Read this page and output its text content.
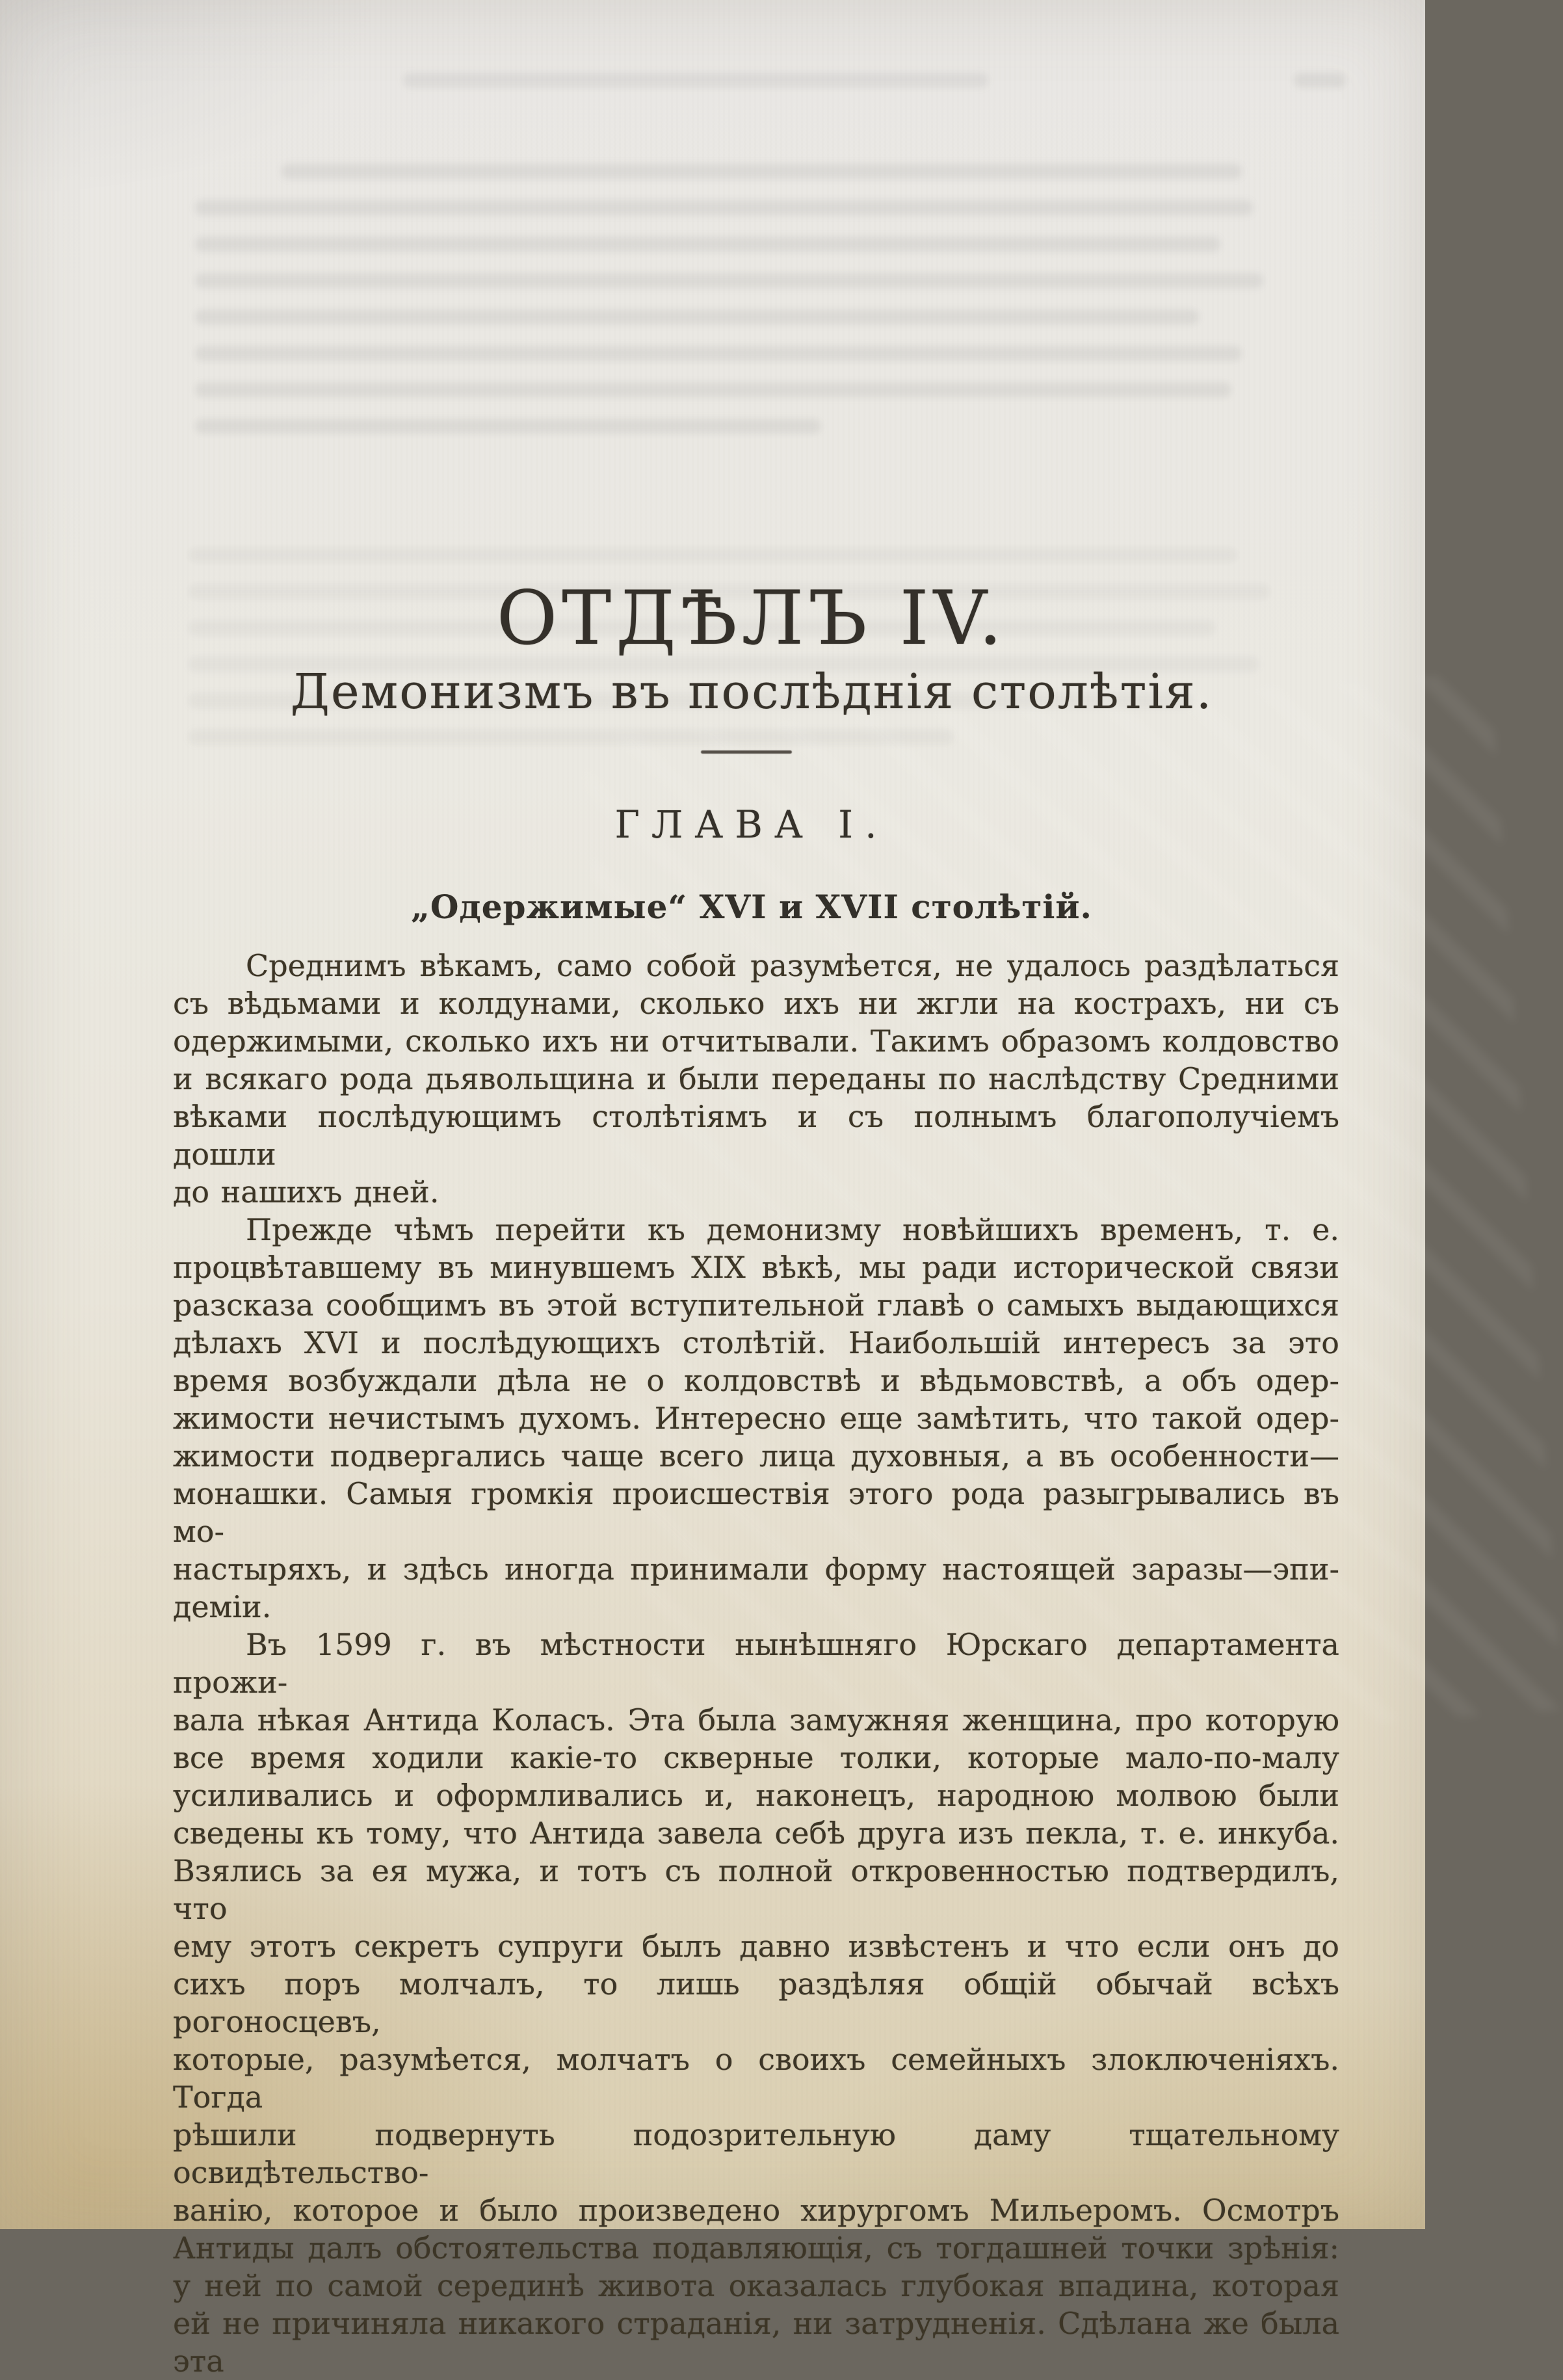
ОТДѢЛЪ IV.
Демонизмъ въ послѣднія столѣтія.
ГЛАВА I.
„Одержимые“ XVI и XVII столѣтій.
Среднимъ вѣкамъ, само собой разумѣется, не удалось раздѣлаться
съ вѣдьмами и колдунами, сколько ихъ ни жгли на кострахъ, ни съ
одержимыми, сколько ихъ ни отчитывали. Такимъ образомъ колдовство
и всякаго рода дьявольщина и были переданы по наслѣдству Средними
вѣками послѣдующимъ столѣтіямъ и съ полнымъ благополучіемъ дошли
до нашихъ дней.
Прежде чѣмъ перейти къ демонизму новѣйшихъ временъ, т. е.
процвѣтавшему въ минувшемъ XIX вѣкѣ, мы ради исторической связи
разсказа сообщимъ въ этой вступительной главѣ о самыхъ выдающихся
дѣлахъ XVI и послѣдующихъ столѣтій. Наибольшій интересъ за это
время возбуждали дѣла не о колдовствѣ и вѣдьмовствѣ, а объ одер-
жимости нечистымъ духомъ. Интересно еще замѣтить, что такой одер-
жимости подвергались чаще всего лица духовныя, а въ особенности—
монашки. Самыя громкія происшествія этого рода разыгрывались въ мо-
настыряхъ, и здѣсь иногда принимали форму настоящей заразы—эпи-
деміи.
Въ 1599 г. въ мѣстности нынѣшняго Юрскаго департамента прожи-
вала нѣкая Антида Коласъ. Эта была замужняя женщина, про которую
все время ходили какіе-то скверные толки, которые мало-по-малу
усиливались и оформливались и, наконецъ, народною молвою были
сведены къ тому, что Антида завела себѣ друга изъ пекла, т. е. инкуба.
Взялись за ея мужа, и тотъ съ полной откровенностью подтвердилъ, что
ему этотъ секретъ супруги былъ давно извѣстенъ и что если онъ до
сихъ поръ молчалъ, то лишь раздѣляя общій обычай всѣхъ рогоносцевъ,
которые, разумѣется, молчатъ о своихъ семейныхъ злоключеніяхъ. Тогда
рѣшили подвернуть подозрительную даму тщательному освидѣтельство-
ванію, которое и было произведено хирургомъ Мильеромъ. Осмотръ
Антиды далъ обстоятельства подавляющія, съ тогдашней точки зрѣнія:
у ней по самой серединѣ живота оказалась глубокая впадина, которая
ей не причиняла никакого страданія, ни затрудненія. Сдѣлана же была эта
